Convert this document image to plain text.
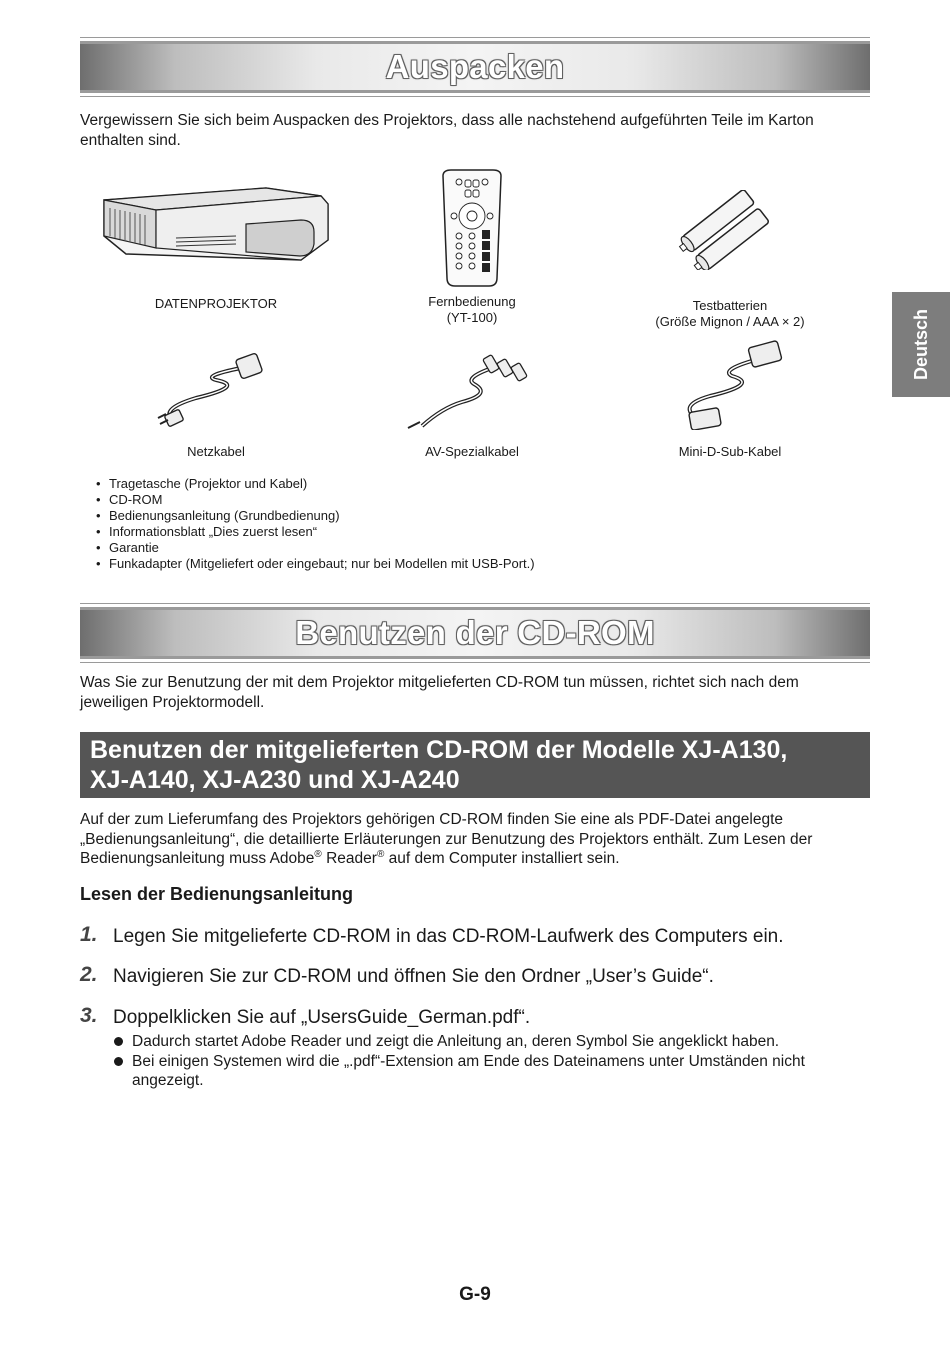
Auspacken

Vergewissern Sie sich beim Auspacken des Projektors, dass alle nachstehend aufgeführten Teile im Karton enthalten sind.

DATENPROJEKTOR	Fernbedienung
(YT-100)
Testbatterien
(Größe Mignon / AAA × 2)
Netzkabel	AV-Spezialkabel	Mini-D-Sub-Kabel
• Tragetasche (Projektor und Kabel)
• CD-ROM
• Bedienungsanleitung (Grundbedienung)
• Informationsblatt „Dies zuerst lesen“
• Garantie
• Funkadapter (Mitgeliefert oder eingebaut; nur bei Modellen mit USB-Port.)
Benutzen der CD-ROM

Was Sie zur Benutzung der mit dem Projektor mitgelieferten CD-ROM tun müssen, richtet sich nach dem jeweiligen Projektormodell.

Benutzen der mitgelieferten CD-ROM der Modelle XJ-A130,
XJ-A140, XJ-A230 und XJ-A240

Auf der zum Lieferumfang des Projektors gehörigen CD-ROM finden Sie eine als PDF-Datei angelegte „Bedienungsanleitung“, die detaillierte Erläuterungen zur Benutzung des Projektors enthält. Zum Lesen der Bedienungsanleitung muss Adobe® Reader® auf dem Computer installiert sein.

Lesen der Bedienungsanleitung
1. Legen Sie mitgelieferte CD-ROM in das CD-ROM-Laufwerk des Computers ein.
2. Navigieren Sie zur CD-ROM und öffnen Sie den Ordner „User’s Guide“.
3. Doppelklicken Sie auf „UsersGuide_German.pdf“.
Dadurch startet Adobe Reader und zeigt die Anleitung an, deren Symbol Sie angeklickt haben.
Bei einigen Systemen wird die „.pdf“-Extension am Ende des Dateinamens unter Umständen nicht angezeigt.
Deutsch
G-9
